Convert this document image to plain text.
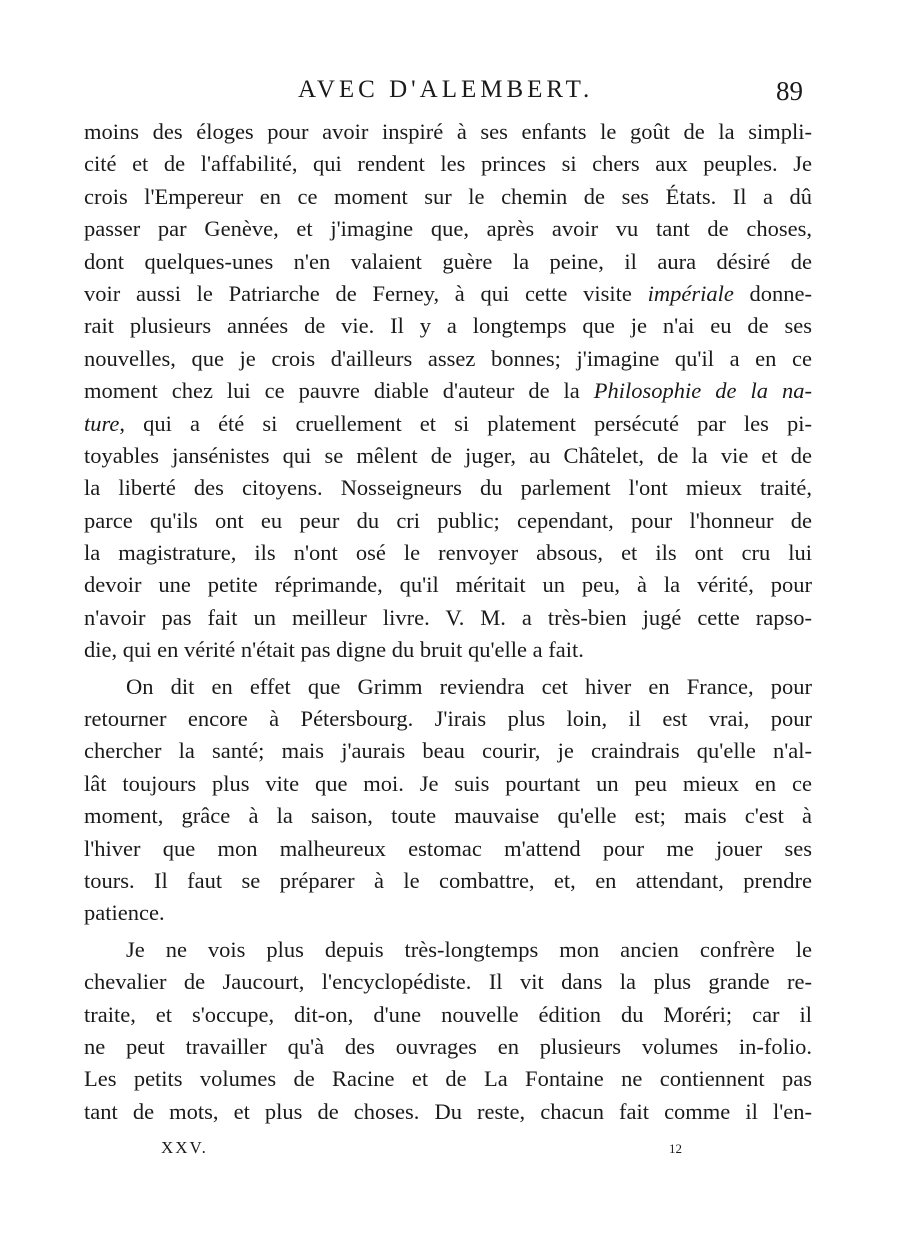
AVEC D'ALEMBERT.	89
moins des éloges pour avoir inspiré à ses enfants le goût de la simpli-
cité et de l'affabilité, qui rendent les princes si chers aux peuples. Je
crois l'Empereur en ce moment sur le chemin de ses États. Il a dû
passer par Genève, et j'imagine que, après avoir vu tant de choses,
dont quelques-unes n'en valaient guère la peine, il aura désiré de
voir aussi le Patriarche de Ferney, à qui cette visite impériale donne-
rait plusieurs années de vie. Il y a longtemps que je n'ai eu de ses
nouvelles, que je crois d'ailleurs assez bonnes; j'imagine qu'il a en ce
moment chez lui ce pauvre diable d'auteur de la Philosophie de la na-
ture, qui a été si cruellement et si platement persécuté par les pi-
toyables jansénistes qui se mêlent de juger, au Châtelet, de la vie et de
la liberté des citoyens. Nosseigneurs du parlement l'ont mieux traité,
parce qu'ils ont eu peur du cri public; cependant, pour l'honneur de
la magistrature, ils n'ont osé le renvoyer absous, et ils ont cru lui
devoir une petite réprimande, qu'il méritait un peu, à la vérité, pour
n'avoir pas fait un meilleur livre. V. M. a très-bien jugé cette rapso-
die, qui en vérité n'était pas digne du bruit qu'elle a fait.
On dit en effet que Grimm reviendra cet hiver en France, pour
retourner encore à Pétersbourg. J'irais plus loin, il est vrai, pour
chercher la santé; mais j'aurais beau courir, je craindrais qu'elle n'al-
lât toujours plus vite que moi. Je suis pourtant un peu mieux en ce
moment, grâce à la saison, toute mauvaise qu'elle est; mais c'est à
l'hiver que mon malheureux estomac m'attend pour me jouer ses
tours. Il faut se préparer à le combattre, et, en attendant, prendre
patience.
Je ne vois plus depuis très-longtemps mon ancien confrère le
chevalier de Jaucourt, l'encyclopédiste. Il vit dans la plus grande re-
traite, et s'occupe, dit-on, d'une nouvelle édition du Moréri; car il
ne peut travailler qu'à des ouvrages en plusieurs volumes in-folio.
Les petits volumes de Racine et de La Fontaine ne contiennent pas
tant de mots, et plus de choses. Du reste, chacun fait comme il l'en-
XXV.	12
